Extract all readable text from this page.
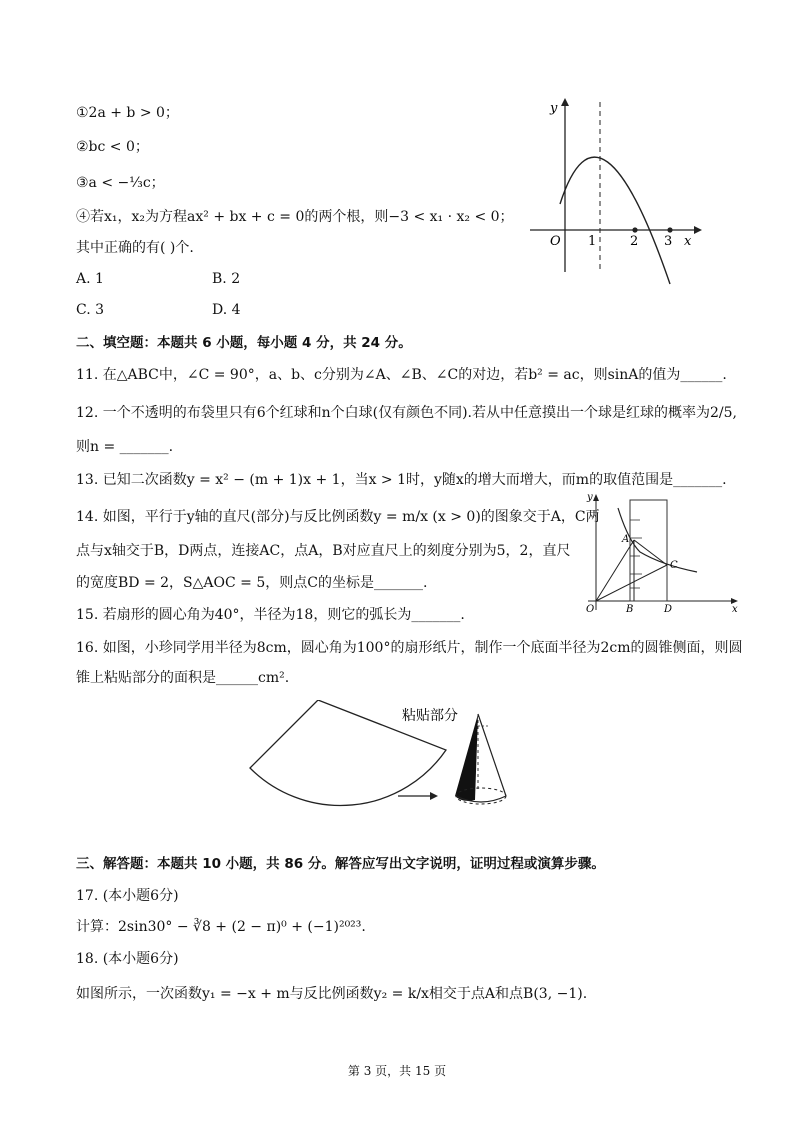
①2a + b > 0；
②bc < 0；
③a < −⅓c；
④若x₁，x₂为方程ax² + bx + c = 0的两个根，则−3 < x₁ · x₂ < 0；
其中正确的有( )个.
A. 1	B. 2
C. 3	D. 4
y
x
O 1	2 3
二、填空题：本题共 6 小题，每小题 4 分，共 24 分。
11. 在△ABC中，∠C = 90°，a、b、c分别为∠A、∠B、∠C的对边，若b² = ac，则sinA的值为______.
12. 一个不透明的布袋里只有6个红球和n个白球(仅有颜色不同).若从中任意摸出一个球是红球的概率为2/5,
则n = _______.
13. 已知二次函数y = x² − (m + 1)x + 1，当x > 1时，y随x的增大而增大，而m的取值范围是_______.
14. 如图，平行于y轴的直尺(部分)与反比例函数y = m/x (x > 0)的图象交于A，C两
点与x轴交于B，D两点，连接AC，点A，B对应直尺上的刻度分别为5，2，直尺
的宽度BD = 2，S△AOC = 5，则点C的坐标是_______.
y
x
O
A
B
C
D
15. 若扇形的圆心角为40°，半径为18，则它的弧长为_______.
16. 如图，小珍同学用半径为8cm，圆心角为100°的扇形纸片，制作一个底面半径为2cm的圆锥侧面，则圆
锥上粘贴部分的面积是______cm².
粘贴部分
三、解答题：本题共 10 小题，共 86 分。解答应写出文字说明，证明过程或演算步骤。
17. (本小题6分)
计算：2sin30° − ∛8 + (2 − π)⁰ + (−1)²⁰²³.
18. (本小题6分)
如图所示，一次函数y₁ = −x + m与反比例函数y₂ = k/x相交于点A和点B(3, −1).
第 3 页，共 15 页
